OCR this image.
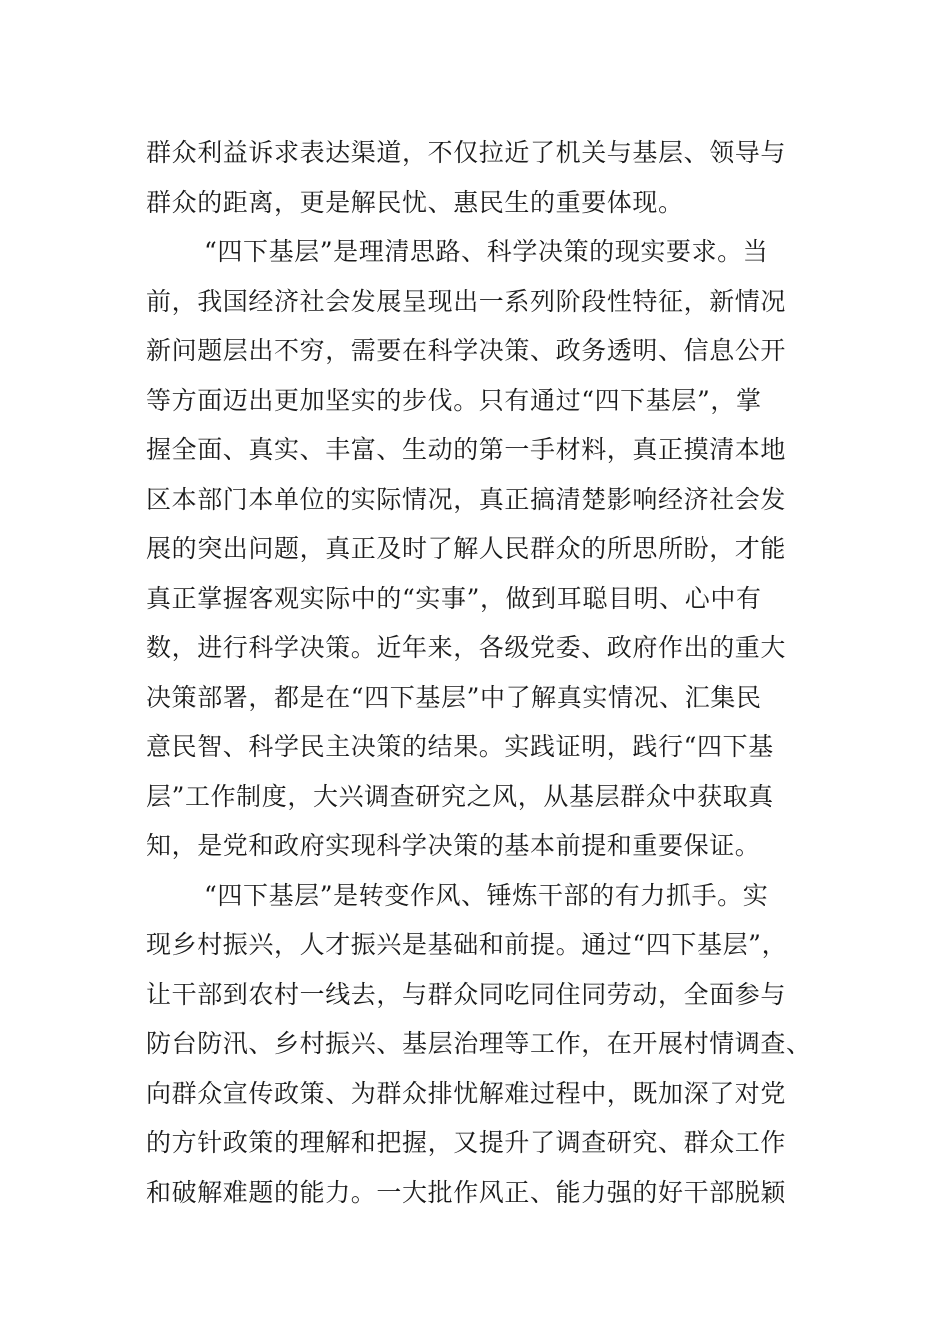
群众利益诉求表达渠道，不仅拉近了机关与基层、领导与
群众的距离，更是解民忧、惠民生的重要体现。
“四下基层”是理清思路、科学决策的现实要求。当
前，我国经济社会发展呈现出一系列阶段性特征，新情况
新问题层出不穷，需要在科学决策、政务透明、信息公开
等方面迈出更加坚实的步伐。只有通过“四下基层”，掌
握全面、真实、丰富、生动的第一手材料，真正摸清本地
区本部门本单位的实际情况，真正搞清楚影响经济社会发
展的突出问题，真正及时了解人民群众的所思所盼，才能
真正掌握客观实际中的“实事”，做到耳聪目明、心中有
数，进行科学决策。近年来，各级党委、政府作出的重大
决策部署，都是在“四下基层”中了解真实情况、汇集民
意民智、科学民主决策的结果。实践证明，践行“四下基
层”工作制度，大兴调查研究之风，从基层群众中获取真
知，是党和政府实现科学决策的基本前提和重要保证。
“四下基层”是转变作风、锤炼干部的有力抓手。实
现乡村振兴，人才振兴是基础和前提。通过“四下基层”，
让干部到农村一线去，与群众同吃同住同劳动，全面参与
防台防汛、乡村振兴、基层治理等工作，在开展村情调查、
向群众宣传政策、为群众排忧解难过程中，既加深了对党
的方针政策的理解和把握，又提升了调查研究、群众工作
和破解难题的能力。一大批作风正、能力强的好干部脱颖
